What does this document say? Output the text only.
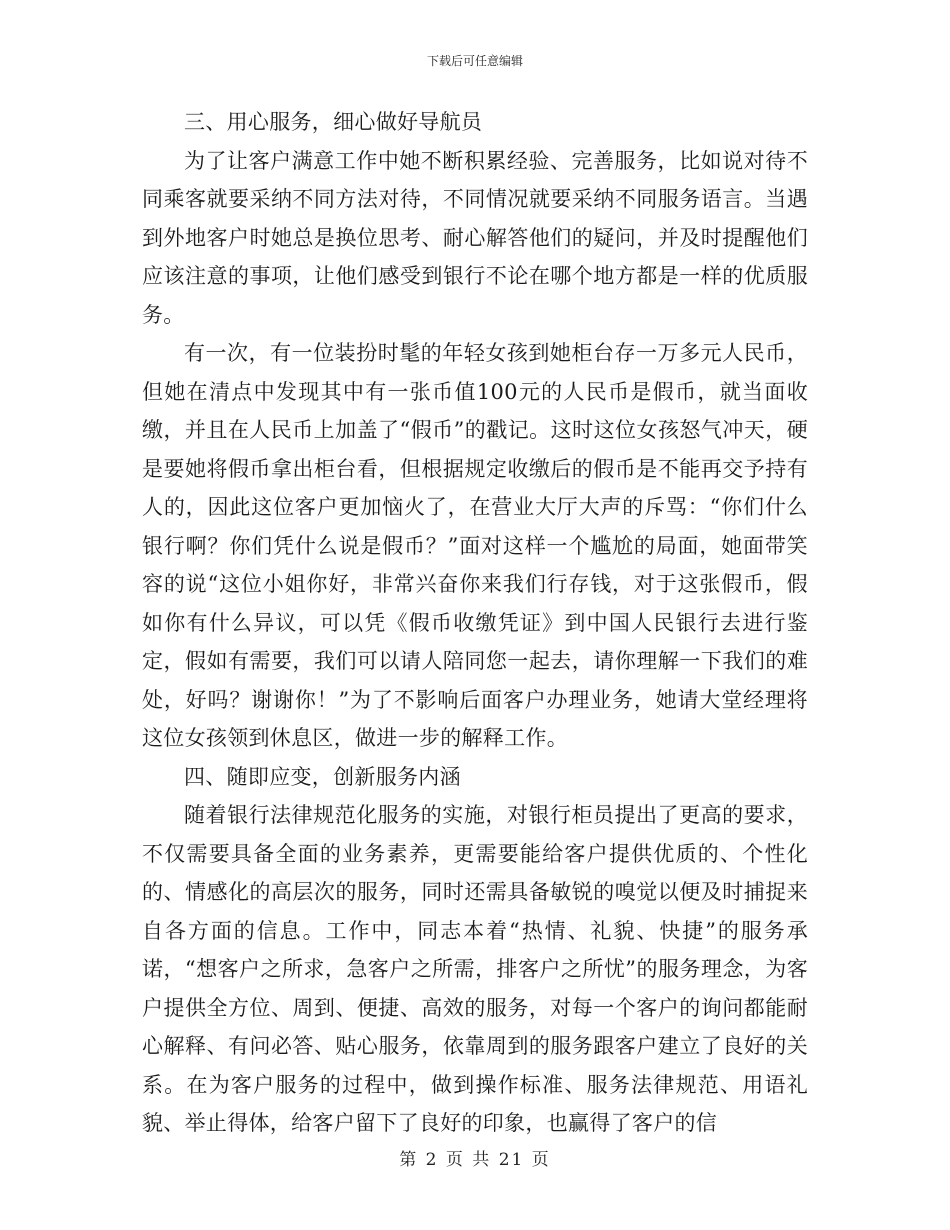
下载后可任意编辑

三、用心服务，细心做好导航员

为了让客户满意工作中她不断积累经验、完善服务，比如说对待不同乘客就要采纳不同方法对待，不同情况就要采纳不同服务语言。当遇到外地客户时她总是换位思考、耐心解答他们的疑问，并及时提醒他们应该注意的事项，让他们感受到银行不论在哪个地方都是一样的优质服务。

有一次，有一位装扮时髦的年轻女孩到她柜台存一万多元人民币，但她在清点中发现其中有一张币值100元的人民币是假币，就当面收缴，并且在人民币上加盖了“假币”的戳记。这时这位女孩怒气冲天，硬是要她将假币拿出柜台看，但根据规定收缴后的假币是不能再交予持有人的，因此这位客户更加恼火了，在营业大厅大声的斥骂：“你们什么银行啊？你们凭什么说是假币？”面对这样一个尴尬的局面，她面带笑容的说“这位小姐你好，非常兴奋你来我们行存钱，对于这张假币，假如你有什么异议，可以凭《假币收缴凭证》到中国人民银行去进行鉴定，假如有需要，我们可以请人陪同您一起去，请你理解一下我们的难处，好吗？谢谢你！”为了不影响后面客户办理业务，她请大堂经理将这位女孩领到休息区，做进一步的解释工作。

四、随即应变，创新服务内涵

随着银行法律规范化服务的实施，对银行柜员提出了更高的要求，不仅需要具备全面的业务素养，更需要能给客户提供优质的、个性化的、情感化的高层次的服务，同时还需具备敏锐的嗅觉以便及时捕捉来自各方面的信息。工作中，同志本着“热情、礼貌、快捷”的服务承诺，“想客户之所求，急客户之所需，排客户之所忧”的服务理念，为客户提供全方位、周到、便捷、高效的服务，对每一个客户的询问都能耐心解释、有问必答、贴心服务，依靠周到的服务跟客户建立了良好的关系。在为客户服务的过程中，做到操作标准、服务法律规范、用语礼貌、举止得体，给客户留下了良好的印象，也赢得了客户的信

第 2 页 共 21 页
